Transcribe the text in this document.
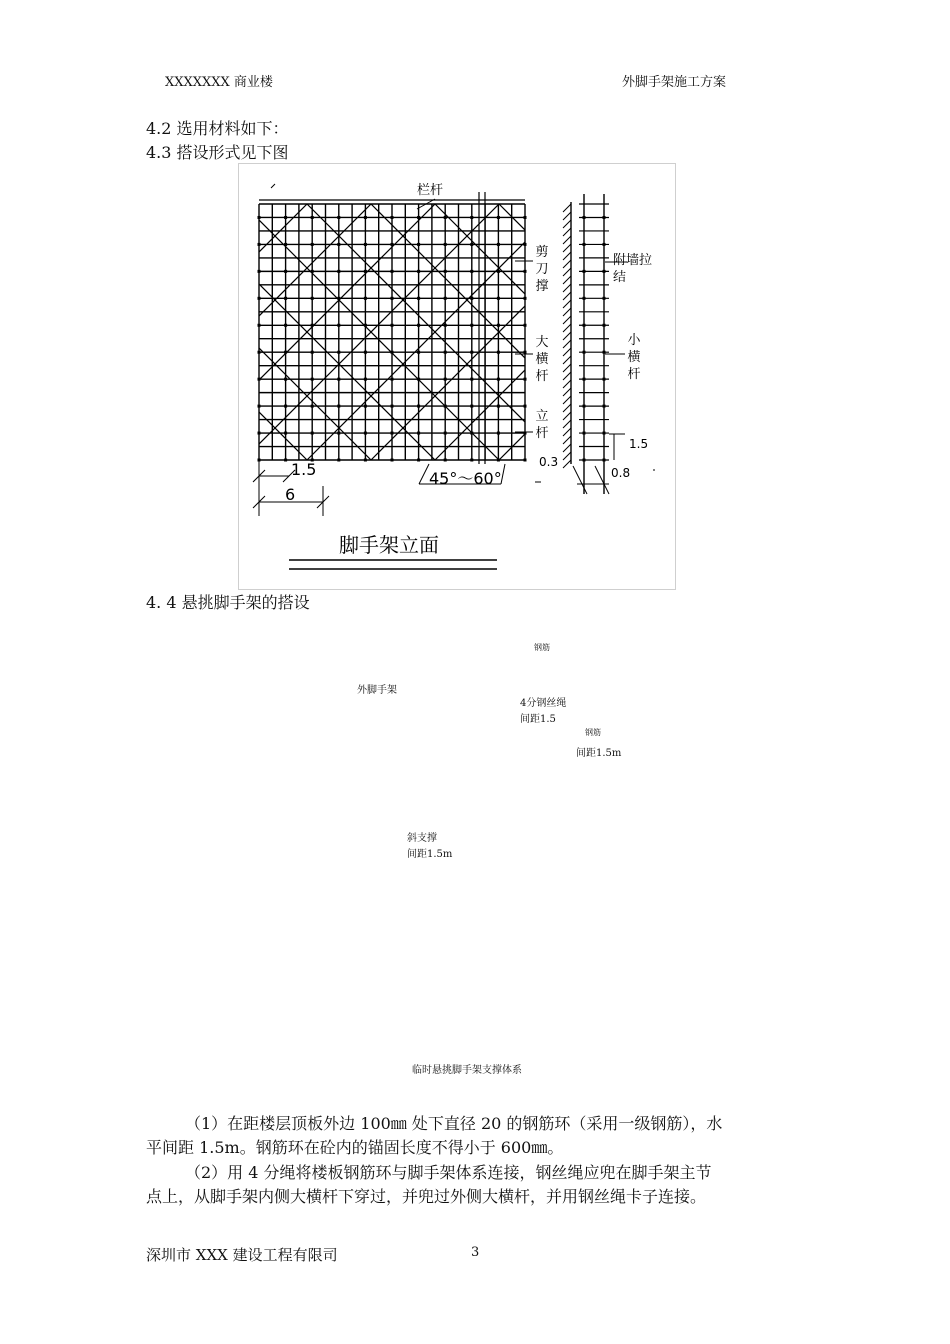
XXXXXXX 商业楼	外脚手架施工方案
4.2 选用材料如下：
4.3 搭设形式见下图
栏杆
剪刀撑
大横杆
立杆
附墙拉结
小横杆
1.5
6
45°～60°
0.3
1.5
0.8
脚手架立面
4. 4 悬挑脚手架的搭设
钢筋
外脚手架
4分钢丝绳
间距1.5
钢筋
间距1.5m
斜支撑
间距1.5m
临时悬挑脚手架支撑体系
（1）在距楼层顶板外边 100㎜ 处下直径 20 的钢筋环（采用一级钢筋），水
平间距 1.5m。钢筋环在砼内的锚固长度不得小于 600㎜。
（2）用 4 分绳将楼板钢筋环与脚手架体系连接，钢丝绳应兜在脚手架主节
点上，从脚手架内侧大横杆下穿过，并兜过外侧大横杆，并用钢丝绳卡子连接。
深圳市 XXX 建设工程有限司	3
